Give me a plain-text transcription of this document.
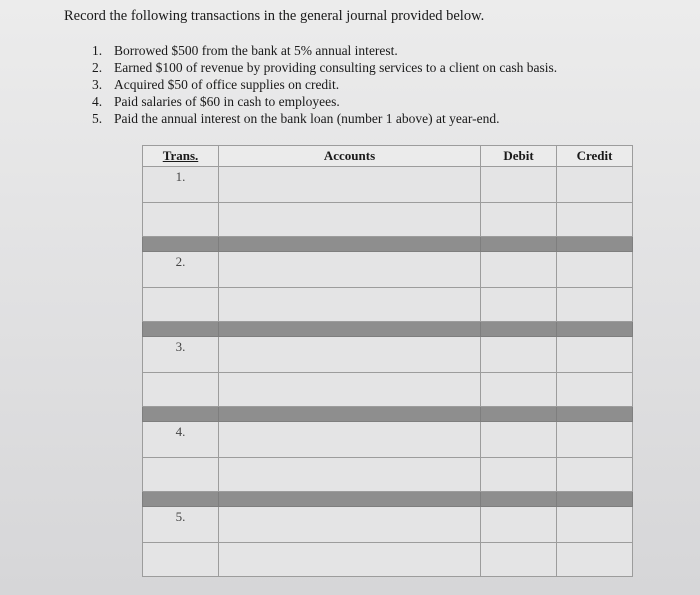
Record the following transactions in the general journal provided below.

1. Borrowed $500 from the bank at 5% annual interest.
2. Earned $100 of revenue by providing consulting services to a client on cash basis.
3. Acquired $50 of office supplies on credit.
4. Paid salaries of $60 in cash to employees.
5. Paid the annual interest on the bank loan (number 1 above) at year-end.
Trans.	Accounts	Debit	Credit
1.			

2.			

3.			

4.			

5.			
